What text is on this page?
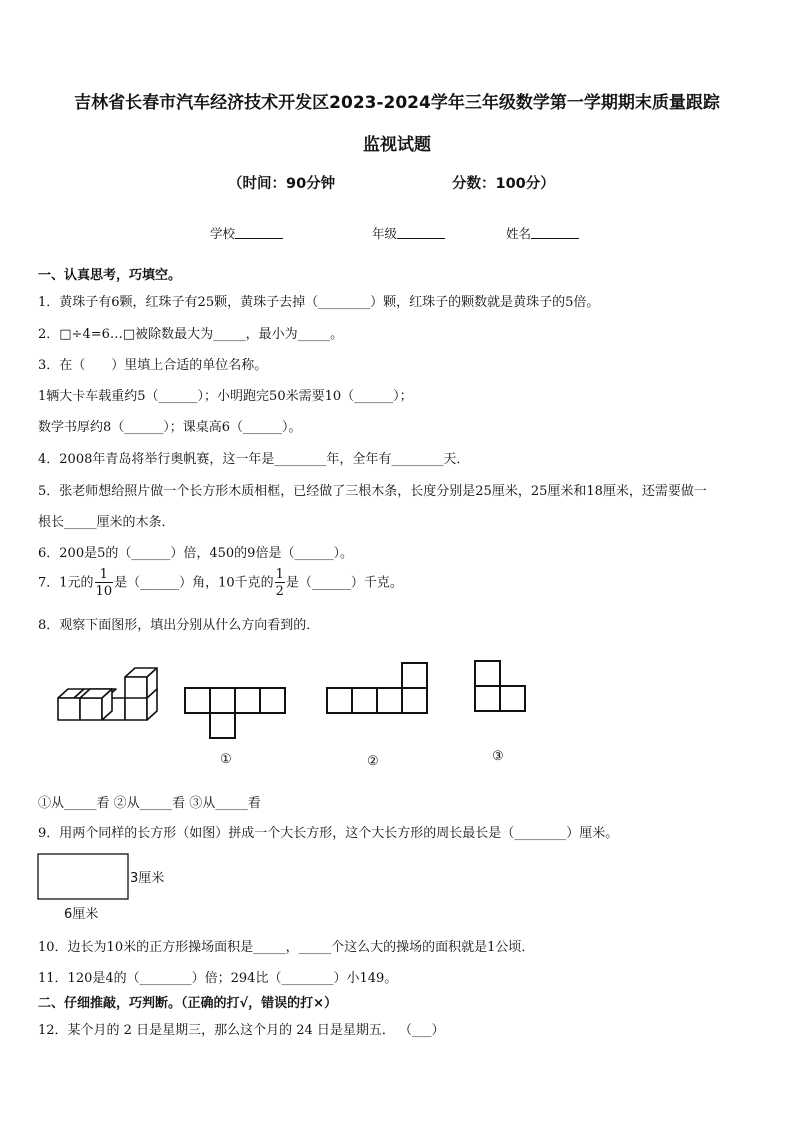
吉林省长春市汽车经济技术开发区2023-2024学年三年级数学第一学期期末质量跟踪
监视试题
（时间：90分钟	分数：100分）
学校	年级	姓名
一、认真思考，巧填空。
1．黄珠子有6颗，红珠子有25颗，黄珠子去掉（________）颗，红珠子的颗数就是黄珠子的5倍。
2．□÷4=6…□被除数最大为_____，最小为_____。
3．在（　　）里填上合适的单位名称。
1辆大卡车载重约5（______）；小明跑完50米需要10（______）；
数学书厚约8（______）；课桌高6（______）。
4．2008年青岛将举行奥帆赛，这一年是________年，全年有________天．
5．张老师想给照片做一个长方形木质相框，已经做了三根木条，长度分别是25厘米，25厘米和18厘米，还需要做一
根长_____厘米的木条．
6．200是5的（______）倍，450的9倍是（______）。
7．1元的 $\frac{1}{10}$ 是（______）角，10千克的 $\frac{1}{2}$ 是（______）千克。
8．观察下面图形，填出分别从什么方向看到的．
①	②	③
①从_____看 ②从_____看 ③从_____看
9．用两个同样的长方形（如图）拼成一个大长方形，这个大长方形的周长最长是（________）厘米。
3厘米
6厘米
10．边长为10米的正方形操场面积是_____，_____个这么大的操场的面积就是1公顷．
11．120是4的（________）倍；294比（________）小149。
二、仔细推敲，巧判断。（正确的打√，错误的打×）
12．某个月的 2 日是星期三，那么这个月的 24 日是星期五． （___）
